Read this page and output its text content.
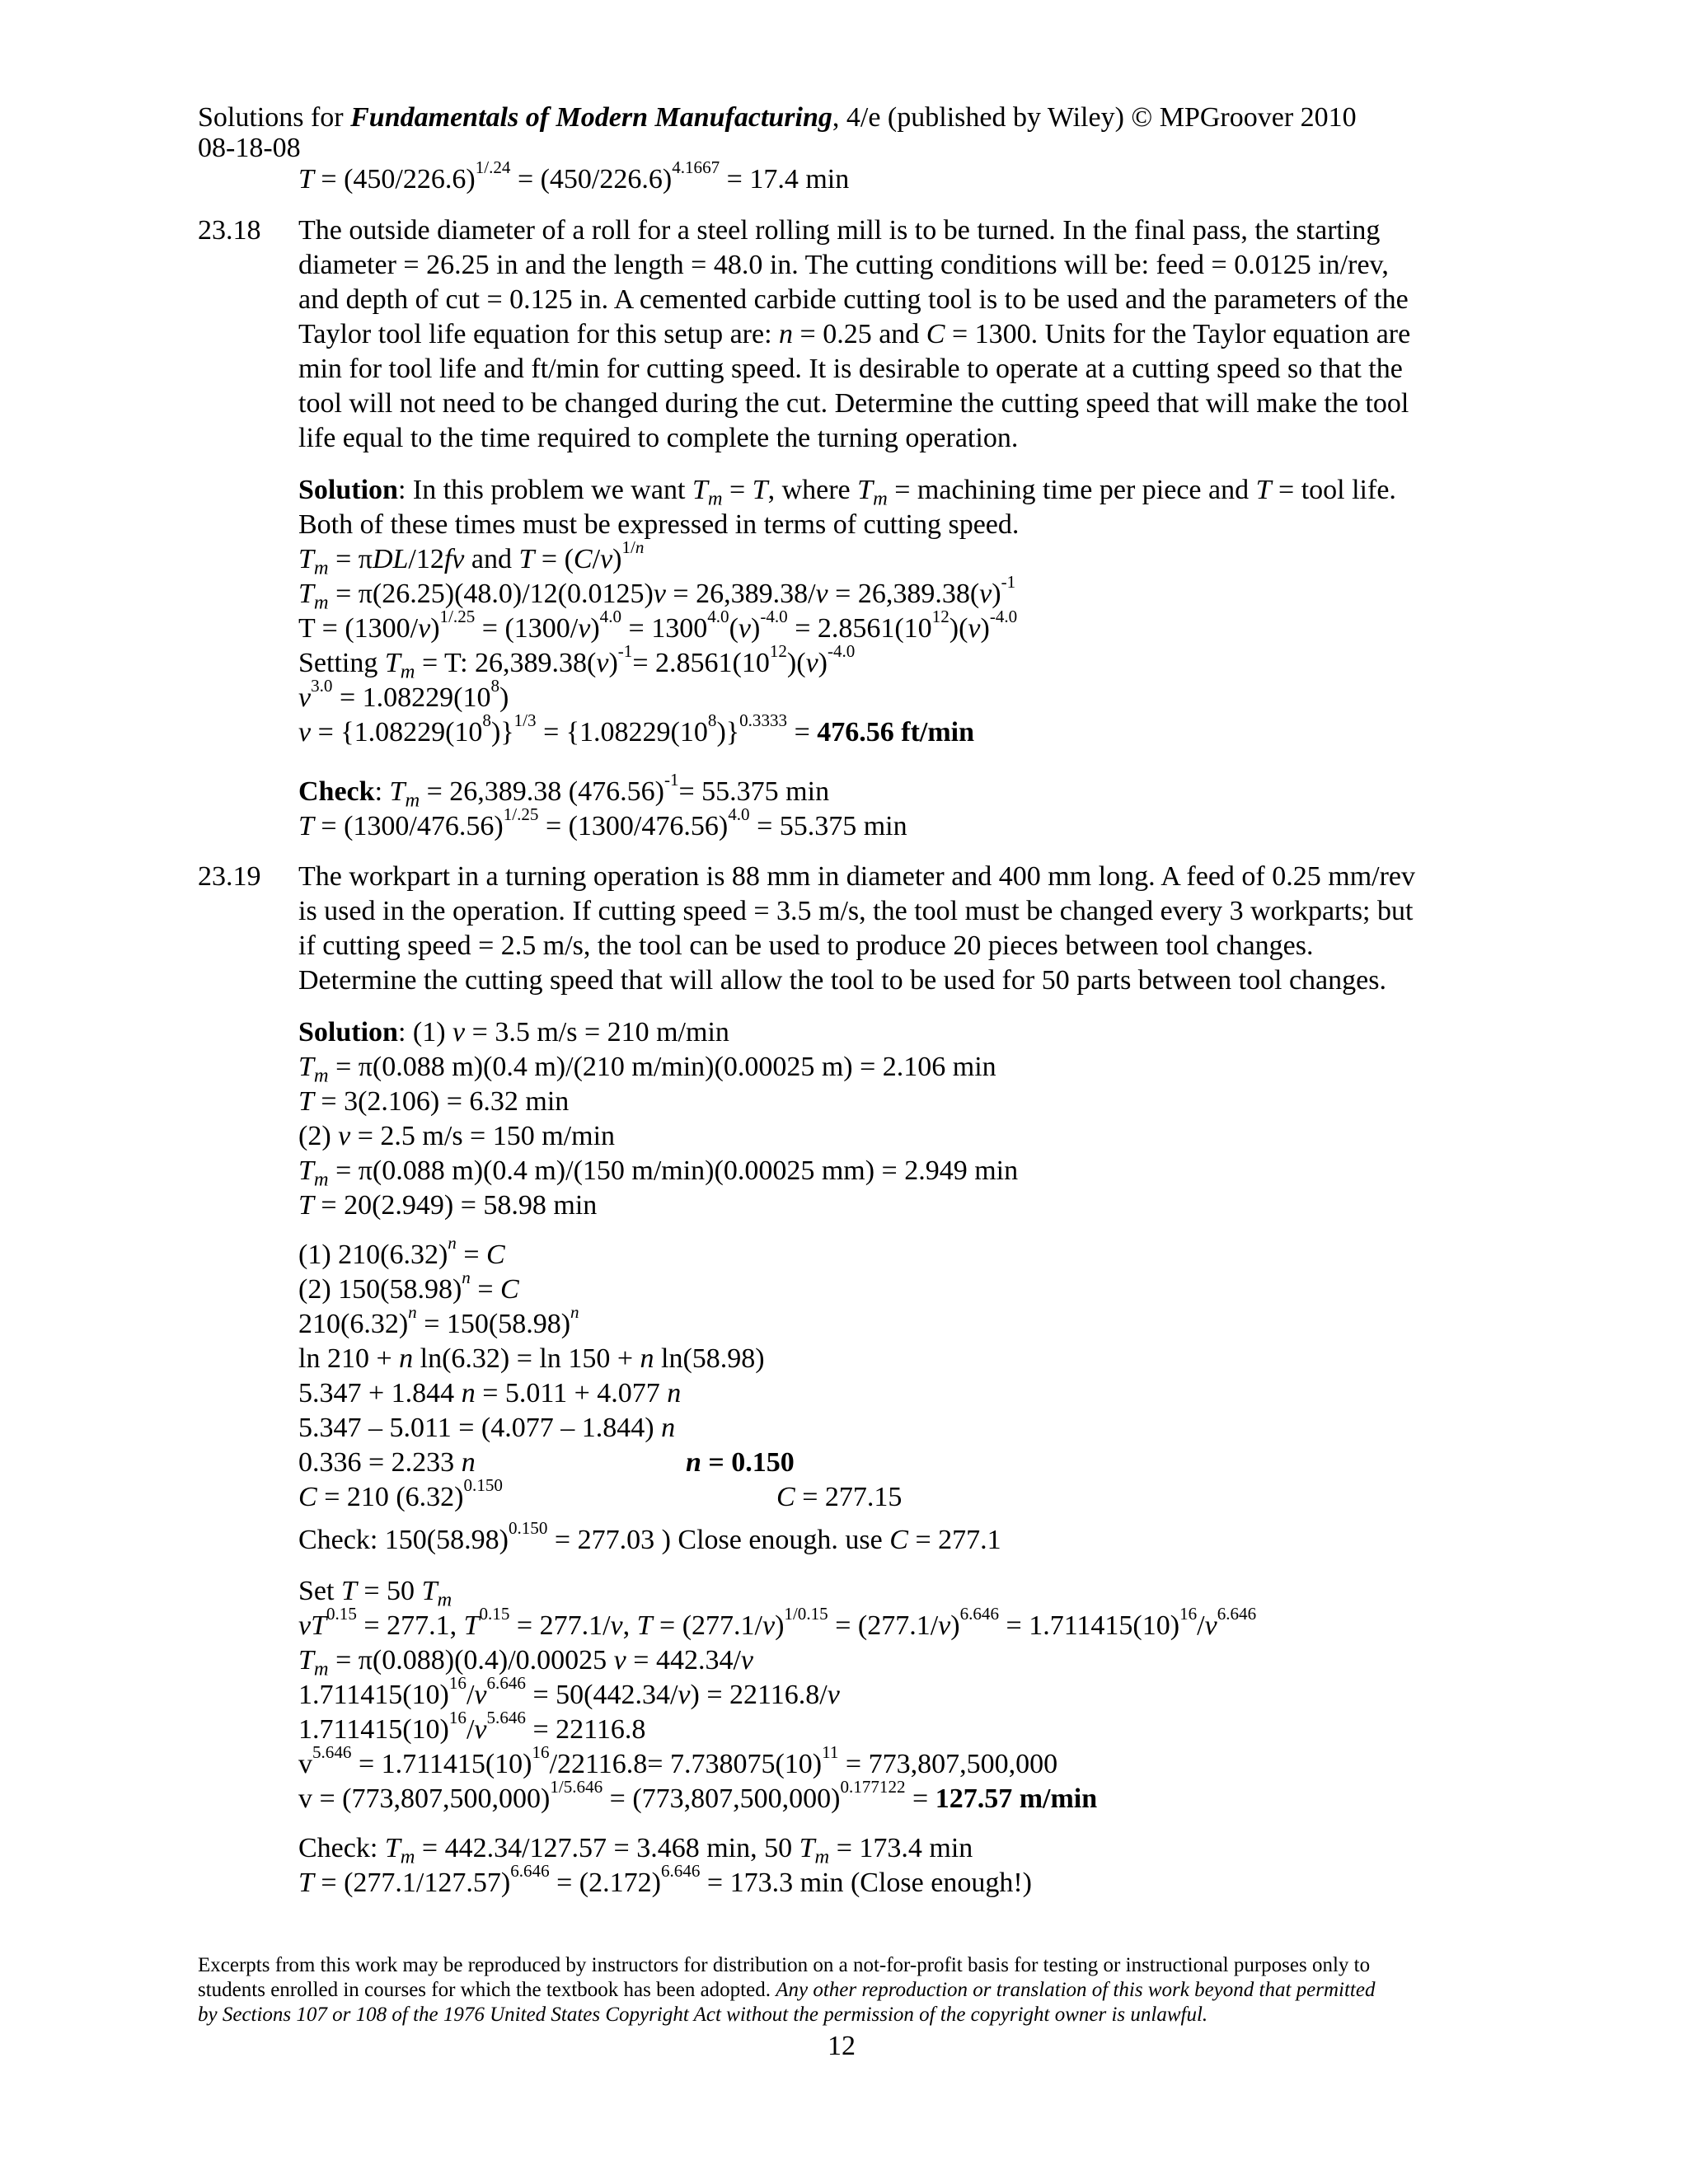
Solutions for Fundamentals of Modern Manufacturing, 4/e (published by Wiley) © MPGroover 2010
08-18-08
$T = (450/226.6)^{1/.24} = (450/226.6)^{4.1667} = 17.4$ min
23.18 The outside diameter of a roll for a steel rolling mill is to be turned. In the final pass, the starting
diameter = 26.25 in and the length = 48.0 in. The cutting conditions will be: feed = 0.0125 in/rev,
and depth of cut = 0.125 in. A cemented carbide cutting tool is to be used and the parameters of the
Taylor tool life equation for this setup are: n = 0.25 and C = 1300. Units for the Taylor equation are
min for tool life and ft/min for cutting speed. It is desirable to operate at a cutting speed so that the
tool will not need to be changed during the cut. Determine the cutting speed that will make the tool
life equal to the time required to complete the turning operation.
Solution: In this problem we want $T_m = T$, where $T_m$ = machining time per piece and T = tool life.
Both of these times must be expressed in terms of cutting speed.
$T_m = \pi DL/12fv$ and $T = (C/v)^{1/n}$
$T_m = \pi(26.25)(48.0)/12(0.0125)v = 26,389.38/v = 26,389.38(v)^{-1}$
$T = (1300/v)^{1/.25} = (1300/v)^{4.0} = 1300^{4.0}(v)^{-4.0} = 2.8561(10^{12})(v)^{-4.0}$
Setting $T_m = T$: $26,389.38(v)^{-1}= 2.8561(10^{12})(v)^{-4.0}$
$v^{3.0} = 1.08229(10^8)$
$v = \{1.08229(10^8)\}^{1/3} = \{1.08229(10^8)\}^{0.3333} = 476.56$ ft/min
Check: $T_m = 26,389.38$ $(476.56)^{-1}= 55.375$ min
$T = (1300/476.56)^{1/.25} = (1300/476.56)^{4.0} = 55.375$ min
23.19 The workpart in a turning operation is 88 mm in diameter and 400 mm long. A feed of 0.25 mm/rev
is used in the operation. If cutting speed = 3.5 m/s, the tool must be changed every 3 workparts; but
if cutting speed = 2.5 m/s, the tool can be used to produce 20 pieces between tool changes.
Determine the cutting speed that will allow the tool to be used for 50 parts between tool changes.
Solution: (1) v = 3.5 m/s = 210 m/min
$T_m = \pi(0.088$ m)(0.4 m)/(210 m/min)(0.00025 m) = 2.106 min
T = 3(2.106) = 6.32 min
(2) v = 2.5 m/s = 150 m/min
$T_m = \pi(0.088$ m)(0.4 m)/(150 m/min)(0.00025 mm) = 2.949 min
T = 20(2.949) = 58.98 min
(1) $210(6.32)^n = C$
(2) $150(58.98)^n = C$
$210(6.32)^n = 150(58.98)^n$
ln 210 + n ln(6.32) = ln 150 + n ln(58.98)
5.347 + 1.844 n = 5.011 + 4.077 n
5.347 – 5.011 = (4.077 – 1.844) n
0.336 = 2.233 n	n = 0.150
C = 210 $(6.32)^{0.150}$	C = 277.15
Check: $150(58.98)^{0.150} = 277.03$ ) Close enough. use C = 277.1
Set T = 50 $T_m$
$vT^{0.15} = 277.1$, $T^{0.15} = 277.1/v$, $T = (277.1/v)^{1/0.15} = (277.1/v)^{6.646} = 1.711415(10)^{16}/v^{6.646}$
$T_m = \pi(0.088)(0.4)/0.00025$ v = 442.34/v
$1.711415(10)^{16}/v^{6.646} = 50(442.34/v) = 22116.8/v$
$1.711415(10)^{16}/v^{5.646} = 22116.8$
$v^{5.646} = 1.711415(10)^{16}/22116.8= 7.738075(10)^{11} = 773,807,500,000$
$v = (773,807,500,000)^{1/5.646} = (773,807,500,000)^{0.177122} = 127.57$ m/min
Check: $T_m = 442.34/127.57 = 3.468$ min, 50 $T_m = 173.4$ min
$T = (277.1/127.57)^{6.646} = (2.172)^{6.646} = 173.3$ min (Close enough!)
Excerpts from this work may be reproduced by instructors for distribution on a not-for-profit basis for testing or instructional purposes only to
students enrolled in courses for which the textbook has been adopted. Any other reproduction or translation of this work beyond that permitted
by Sections 107 or 108 of the 1976 United States Copyright Act without the permission of the copyright owner is unlawful.
12
